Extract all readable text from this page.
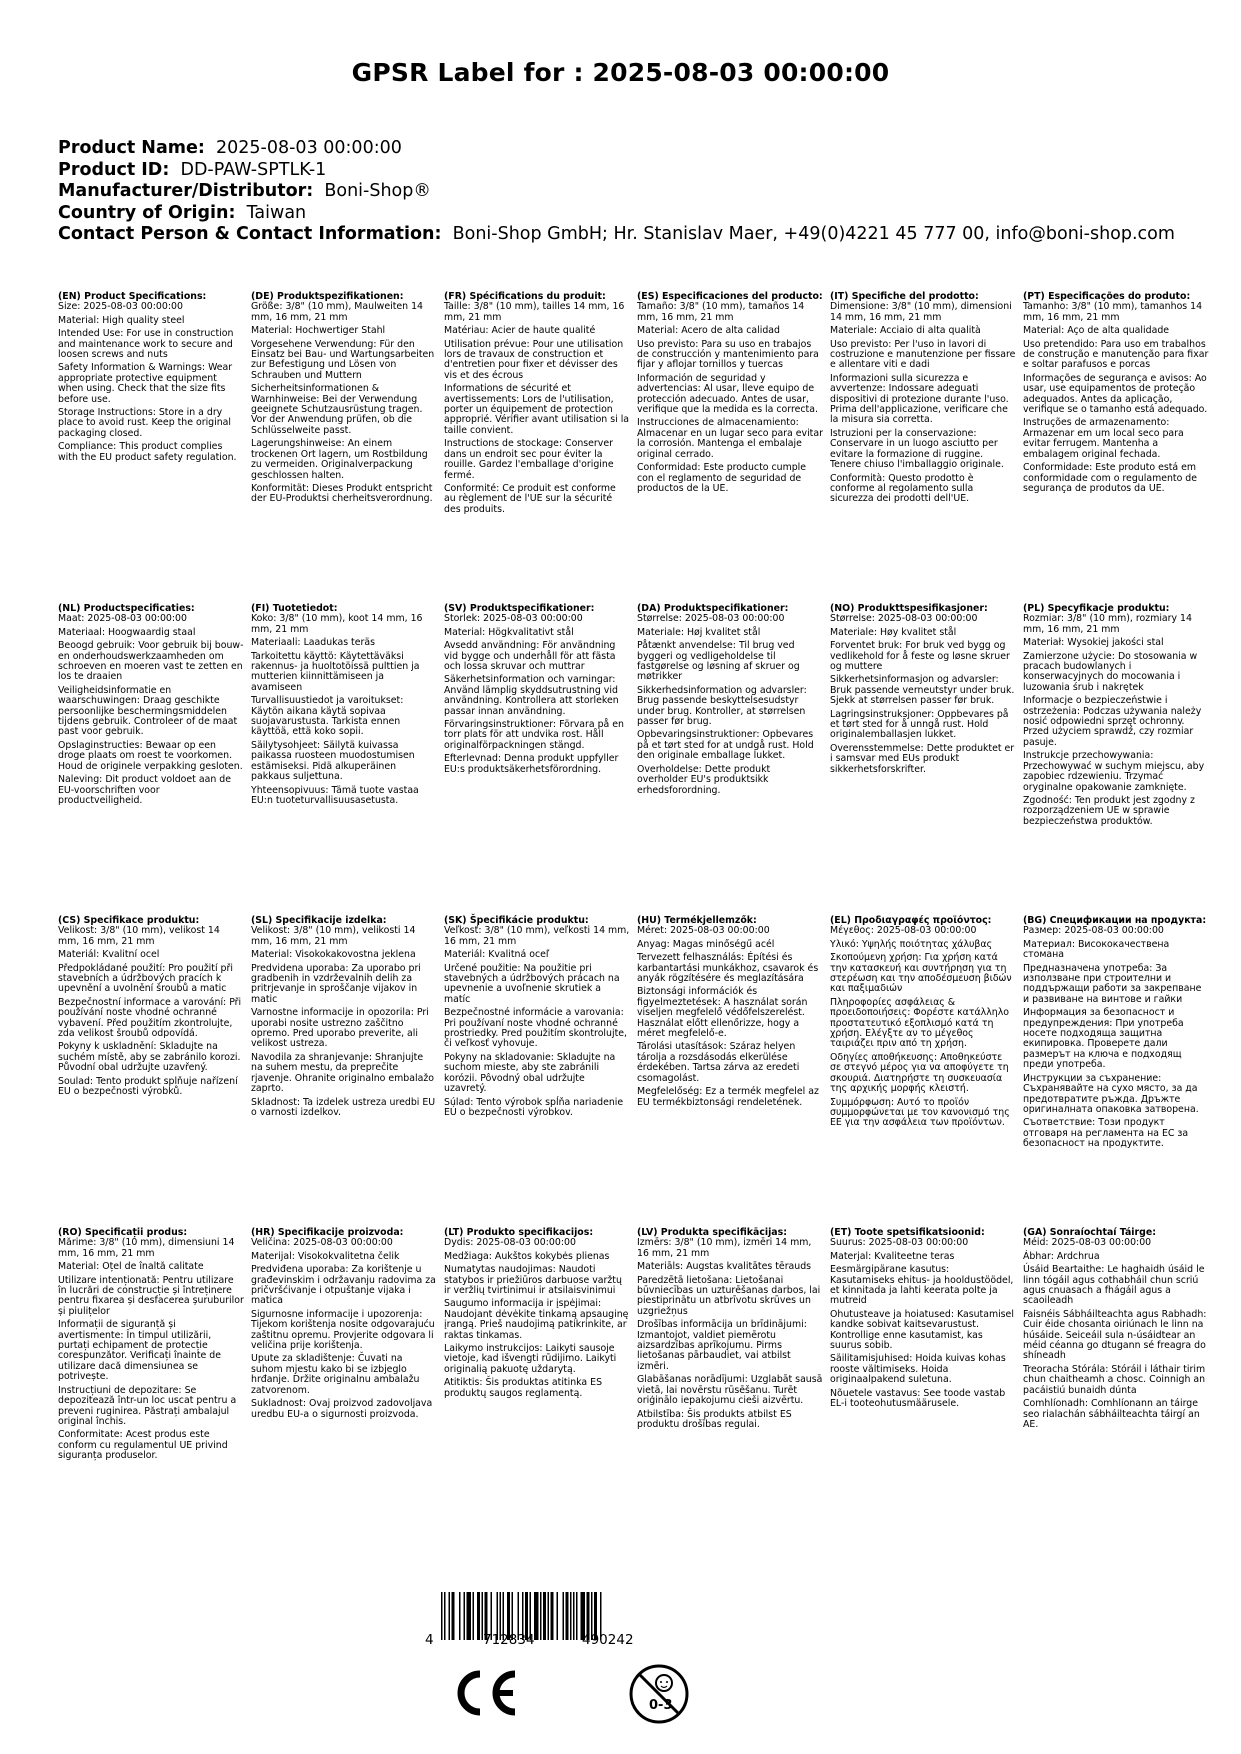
GPSR Label for : 2025-08-03 00:00:00
Product Name: 2025-08-03 00:00:00
Product ID: DD-PAW-SPTLK-1
Manufacturer/Distributor: Boni-Shop®
Country of Origin: Taiwan
Contact Person & Contact Information: Boni-Shop GmbH; Hr. Stanislav Maer, +49(0)4221 45 777 00, info@boni-shop.com
(EN) Product Specifications:
Size: 2025-08-03 00:00:00
Material: High quality steel
Intended Use: For use in construction and maintenance work to secure and loosen screws and nuts
Safety Information & Warnings: Wear appropriate protective equipment when using. Check that the size fits before use.
Storage Instructions: Store in a dry place to avoid rust. Keep the original packaging closed.
Compliance: This product complies with the EU product safety regulation.
(DE) Produktspezifikationen:
Größe: 3/8" (10 mm), Maulweiten 14 mm, 16 mm, 21 mm
Material: Hochwertiger Stahl
Vorgesehene Verwendung: Für den Einsatz bei Bau- und Wartungsarbeiten zur Befestigung und Lösen von Schrauben und Muttern
Sicherheitsinformationen & Warnhinweise: Bei der Verwendung geeignete Schutzausrüstung tragen. Vor der Anwendung prüfen, ob die Schlüsselweite passt.
Lagerungshinweise: An einem trockenen Ort lagern, um Rostbildung zu vermeiden. Originalverpackung geschlossen halten.
Konformität: Dieses Produkt entspricht der EU-Produktsi cherheitsverordnung.
(FR) Spécifications du produit:
Taille: 3/8" (10 mm), tailles 14 mm, 16 mm, 21 mm
Matériau: Acier de haute qualité
Utilisation prévue: Pour une utilisation lors de travaux de construction et d'entretien pour fixer et dévisser des vis et des écrous
Informations de sécurité et avertissements: Lors de l'utilisation, porter un équipement de protection approprié. Vérifier avant utilisation si la taille convient.
Instructions de stockage: Conserver dans un endroit sec pour éviter la rouille. Gardez l'emballage d'origine fermé.
Conformité: Ce produit est conforme au règlement de l'UE sur la sécurité des produits.
(ES) Especificaciones del producto:
Tamaño: 3/8" (10 mm), tamaños 14 mm, 16 mm, 21 mm
Material: Acero de alta calidad
Uso previsto: Para su uso en trabajos de construcción y mantenimiento para fijar y aflojar tornillos y tuercas
Información de seguridad y advertencias: Al usar, lleve equipo de protección adecuado. Antes de usar, verifique que la medida es la correcta.
Instrucciones de almacenamiento: Almacenar en un lugar seco para evitar la corrosión. Mantenga el embalaje original cerrado.
Conformidad: Este producto cumple con el reglamento de seguridad de productos de la UE.
(IT) Specifiche del prodotto:
Dimensione: 3/8" (10 mm), dimensioni 14 mm, 16 mm, 21 mm
Materiale: Acciaio di alta qualità
Uso previsto: Per l'uso in lavori di costruzione e manutenzione per fissare e allentare viti e dadi
Informazioni sulla sicurezza e avvertenze: Indossare adeguati dispositivi di protezione durante l'uso. Prima dell'applicazione, verificare che la misura sia corretta.
Istruzioni per la conservazione: Conservare in un luogo asciutto per evitare la formazione di ruggine. Tenere chiuso l'imballaggio originale.
Conformità: Questo prodotto è conforme al regolamento sulla sicurezza dei prodotti dell'UE.
(PT) Especificações do produto:
Tamanho: 3/8" (10 mm), tamanhos 14 mm, 16 mm, 21 mm
Material: Aço de alta qualidade
Uso pretendido: Para uso em trabalhos de construção e manutenção para fixar e soltar parafusos e porcas
Informações de segurança e avisos: Ao usar, use equipamentos de proteção adequados. Antes da aplicação, verifique se o tamanho está adequado.
Instruções de armazenamento: Armazenar em um local seco para evitar ferrugem. Mantenha a embalagem original fechada.
Conformidade: Este produto está em conformidade com o regulamento de segurança de produtos da UE.
(NL) Productspecificaties:
Maat: 2025-08-03 00:00:00
Materiaal: Hoogwaardig staal
Beoogd gebruik: Voor gebruik bij bouw- en onderhoudswerkzaamheden om schroeven en moeren vast te zetten en los te draaien
Veiligheidsinformatie en waarschuwingen: Draag geschikte persoonlijke beschermingsmiddelen tijdens gebruik. Controleer of de maat past voor gebruik.
Opslaginstructies: Bewaar op een droge plaats om roest te voorkomen. Houd de originele verpakking gesloten.
Naleving: Dit product voldoet aan de EU-voorschriften voor productveiligheid.
(FI) Tuotetiedot:
Koko: 3/8" (10 mm), koot 14 mm, 16 mm, 21 mm
Materiaali: Laadukas teräs
Tarkoitettu käyttö: Käytettäväksi rakennus- ja huoltotöissä pulttien ja mutterien kiinnittämiseen ja avamiseen
Turvallisuustiedot ja varoitukset: Käytön aikana käytä sopivaa suojavarustusta. Tarkista ennen käyttöä, että koko sopii.
Säilytysohjeet: Säilytä kuivassa paikassa ruosteen muodostumisen estämiseksi. Pidä alkuperäinen pakkaus suljettuna.
Yhteensopivuus: Tämä tuote vastaa EU:n tuoteturvallisuusasetusta.
(SV) Produktspecifikationer:
Storlek: 2025-08-03 00:00:00
Material: Högkvalitativt stål
Avsedd användning: För användning vid bygge och underhåll för att fästa och lossa skruvar och muttrar
Säkerhetsinformation och varningar: Använd lämplig skyddsutrustning vid användning. Kontrollera att storleken passar innan användning.
Förvaringsinstruktioner: Förvara på en torr plats för att undvika rost. Håll originalförpackningen stängd.
Efterlevnad: Denna produkt uppfyller EU:s produktsäkerhetsförordning.
(DA) Produktspecifikationer:
Størrelse: 2025-08-03 00:00:00
Materiale: Høj kvalitet stål
Påtænkt anvendelse: Til brug ved byggeri og vedligeholdelse til fastgørelse og løsning af skruer og møtrikker
Sikkerhedsinformation og advarsler: Brug passende beskyttelsesudstyr under brug. Kontroller, at størrelsen passer før brug.
Opbevaringsinstruktioner: Opbevares på et tørt sted for at undgå rust. Hold den originale emballage lukket.
Overholdelse: Dette produkt overholder EU's produktsikk erhedsforordning.
(NO) Produkttspesifikasjoner:
Størrelse: 2025-08-03 00:00:00
Materiale: Høy kvalitet stål
Forventet bruk: For bruk ved bygg og vedlikehold for å feste og løsne skruer og muttere
Sikkerhetsinformasjon og advarsler: Bruk passende verneutstyr under bruk. Sjekk at størrelsen passer før bruk.
Lagringsinstruksjoner: Oppbevares på et tørt sted for å unngå rust. Hold originalemballasjen lukket.
Overensstemmelse: Dette produktet er i samsvar med EUs produkt sikkerhetsforskrifter.
(PL) Specyfikacje produktu:
Rozmiar: 3/8" (10 mm), rozmiary 14 mm, 16 mm, 21 mm
Materiał: Wysokiej jakości stal
Zamierzone użycie: Do stosowania w pracach budowlanych i konserwacyjnych do mocowania i luzowania śrub i nakrętek
Informacje o bezpieczeństwie i ostrzeżenia: Podczas używania należy nosić odpowiedni sprzęt ochronny. Przed użyciem sprawdź, czy rozmiar pasuje.
Instrukcje przechowywania: Przechowywać w suchym miejscu, aby zapobiec rdzewieniu. Trzymać oryginalne opakowanie zamknięte.
Zgodność: Ten produkt jest zgodny z rozporządzeniem UE w sprawie bezpieczeństwa produktów.
(CS) Specifikace produktu:
Velikost: 3/8" (10 mm), velikost 14 mm, 16 mm, 21 mm
Materiál: Kvalitní ocel
Předpokládané použití: Pro použití při stavebních a údržbových pracích k upevnění a uvolnění šroubů a matic
Bezpečnostní informace a varování: Při používání noste vhodné ochranné vybavení. Před použitím zkontrolujte, zda velikost šroubů odpovídá.
Pokyny k uskladnění: Skladujte na suchém místě, aby se zabránilo korozi. Původní obal udržujte uzavřený.
Soulad: Tento produkt splňuje nařízení EU o bezpečnosti výrobků.
(SL) Specifikacije izdelka:
Velikost: 3/8" (10 mm), velikosti 14 mm, 16 mm, 21 mm
Material: Visokokakovostna jeklena
Predvidena uporaba: Za uporabo pri gradbenih in vzdrževalnih delih za pritrjevanje in sproščanje vijakov in matic
Varnostne informacije in opozorila: Pri uporabi nosite ustrezno zaščitno opremo. Pred uporabo preverite, ali velikost ustreza.
Navodila za shranjevanje: Shranjujte na suhem mestu, da preprečite rjavenje. Ohranite originalno embalažo zaprto.
Skladnost: Ta izdelek ustreza uredbi EU o varnosti izdelkov.
(SK) Špecifikácie produktu:
Veľkosť: 3/8" (10 mm), veľkosti 14 mm, 16 mm, 21 mm
Materiál: Kvalitná oceľ
Určené použitie: Na použitie pri stavebných a údržbových prácach na upevnenie a uvoľnenie skrutiek a matíc
Bezpečnostné informácie a varovania: Pri používaní noste vhodné ochranné prostriedky. Pred použitím skontrolujte, či veľkosť vyhovuje.
Pokyny na skladovanie: Skladujte na suchom mieste, aby ste zabránili korózii. Pôvodný obal udržujte uzavretý.
Súlad: Tento výrobok spĺňa nariadenie EÚ o bezpečnosti výrobkov.
(HU) Termékjellemzők:
Méret: 2025-08-03 00:00:00
Anyag: Magas minőségű acél
Tervezett felhasználás: Építési és karbantartási munkákhoz, csavarok és anyák rögzítésére és meglazítására
Biztonsági információk és figyelmeztetések: A használat során viseljen megfelelő védőfelszerelést. Használat előtt ellenőrizze, hogy a méret megfelelő-e.
Tárolási utasítások: Száraz helyen tárolja a rozsdásodás elkerülése érdekében. Tartsa zárva az eredeti csomagolást.
Megfelelőség: Ez a termék megfelel az EU termékbiztonsági rendeletének.
(EL) Προδιαγραφές προϊόντος:
Μέγεθος: 2025-08-03 00:00:00
Υλικό: Υψηλής ποιότητας χάλυβας
Σκοπούμενη χρήση: Για χρήση κατά την κατασκευή και συντήρηση για τη στερέωση και την αποδέσμευση βιδών και παξιμαδιών
Πληροφορίες ασφάλειας & προειδοποιήσεις: Φορέστε κατάλληλο προστατευτικό εξοπλισμό κατά τη χρήση. Ελέγξτε αν το μέγεθος ταιριάζει πριν από τη χρήση.
Οδηγίες αποθήκευσης: Αποθηκεύστε σε στεγνό μέρος για να αποφύγετε τη σκουριά. Διατηρήστε τη συσκευασία της αρχικής μορφής κλειστή.
Συμμόρφωση: Αυτό το προϊόν συμμορφώνεται με τον κανονισμό της ΕΕ για την ασφάλεια των προϊόντων.
(BG) Спецификации на продукта:
Размер: 2025-08-03 00:00:00
Материал: Висококачествена стомана
Предназначена употреба: За използване при строителни и поддържащи работи за закрепване и развиване на винтове и гайки
Информация за безопасност и предупреждения: При употреба носете подходяща защитна екипировка. Проверете дали размерът на ключа е подходящ преди употреба.
Инструкции за съхранение: Съхранявайте на сухо място, за да предотвратите ръжда. Дръжте оригиналната опаковка затворена.
Съответствие: Този продукт отговаря на регламента на ЕС за безопасност на продуктите.
(RO) Specificații produs:
Mărime: 3/8" (10 mm), dimensiuni 14 mm, 16 mm, 21 mm
Material: Oțel de înaltă calitate
Utilizare intenționată: Pentru utilizare în lucrări de construcție și întreținere pentru fixarea și desfacerea șuruburilor și piulițelor
Informații de siguranță și avertismente: În timpul utilizării, purtați echipament de protecție corespunzător. Verificați înainte de utilizare dacă dimensiunea se potrivește.
Instrucțiuni de depozitare: Se depozitează într-un loc uscat pentru a preveni ruginirea. Păstrați ambalajul original închis.
Conformitate: Acest produs este conform cu regulamentul UE privind siguranța produselor.
(HR) Specifikacije proizvoda:
Veličina: 2025-08-03 00:00:00
Materijal: Visokokvalitetna čelik
Predviđena uporaba: Za korištenje u građevinskim i održavanju radovima za pričvršćivanje i otpuštanje vijaka i matica
Sigurnosne informacije i upozorenja: Tijekom korištenja nosite odgovarajuću zaštitnu opremu. Provjerite odgovara li veličina prije korištenja.
Upute za skladištenje: Čuvati na suhom mjestu kako bi se izbjeglo hrđanje. Držite originalnu ambalažu zatvorenom.
Sukladnost: Ovaj proizvod zadovoljava uredbu EU-a o sigurnosti proizvoda.
(LT) Produkto specifikacijos:
Dydis: 2025-08-03 00:00:00
Medžiaga: Aukštos kokybės plienas
Numatytas naudojimas: Naudoti statybos ir priežiūros darbuose varžtų ir veržlių tvirtinimui ir atsilaisvinimui
Saugumo informacija ir įspėjimai: Naudojant dėvėkite tinkamą apsauginę įrangą. Prieš naudojimą patikrinkite, ar raktas tinkamas.
Laikymo instrukcijos: Laikyti sausoje vietoje, kad išvengti rūdijimo. Laikyti originalią pakuotę uždarytą.
Atitiktis: Šis produktas atitinka ES produktų saugos reglamentą.
(LV) Produkta specifikācijas:
Izmērs: 3/8" (10 mm), izmēri 14 mm, 16 mm, 21 mm
Materiāls: Augstas kvalitātes tērauds
Paredzētā lietošana: Lietošanai būvniecības un uzturēšanas darbos, lai piestiprinātu un atbrīvotu skrūves un uzgriežņus
Drošības informācija un brīdinājumi: Izmantojot, valdiet piemērotu aizsardzības aprīkojumu. Pirms lietošanas pārbaudiet, vai atbilst izmēri.
Glabāšanas norādījumi: Uzglabāt sausā vietā, lai novērstu rūsēšanu. Turēt oriģinālo iepakojumu cieši aizvērtu.
Atbilstība: Šis produkts atbilst ES produktu drošības regulai.
(ET) Toote spetsifikatsioonid:
Suurus: 2025-08-03 00:00:00
Materjal: Kvaliteetne teras
Eesmärgipärane kasutus: Kasutamiseks ehitus- ja hooldustöödel, et kinnitada ja lahti keerata polte ja mutreid
Ohutusteave ja hoiatused: Kasutamisel kandke sobivat kaitsevarustust. Kontrollige enne kasutamist, kas suurus sobib.
Säilitamisjuhised: Hoida kuivas kohas rooste vältimiseks. Hoida originaalpakend suletuna.
Nõuetele vastavus: See toode vastab EL-i tooteohutusmäärusele.
(GA) Sonraíochtaí Táirge:
Méid: 2025-08-03 00:00:00
Ábhar: Ardchrua
Úsáid Beartaithe: Le haghaidh úsáid le linn tógáil agus cothabháil chun scriú agus cnuasach a fhágáil agus a scaoileadh
Faisnéis Sábháilteachta agus Rabhadh: Cuir éide chosanta oiriúnach le linn na húsáide. Seiceáil sula n-úsáidtear an méid céanna go dtugann sé freagra do shíneadh
Treoracha Stórála: Stóráil i láthair tirim chun chaitheamh a chosc. Coinnigh an pacáistiú bunaidh dúnta
Comhlíonadh: Comhlíonann an táirge seo rialachán sábháilteachta táirgí an AE.
4	712834	490242
0-3
